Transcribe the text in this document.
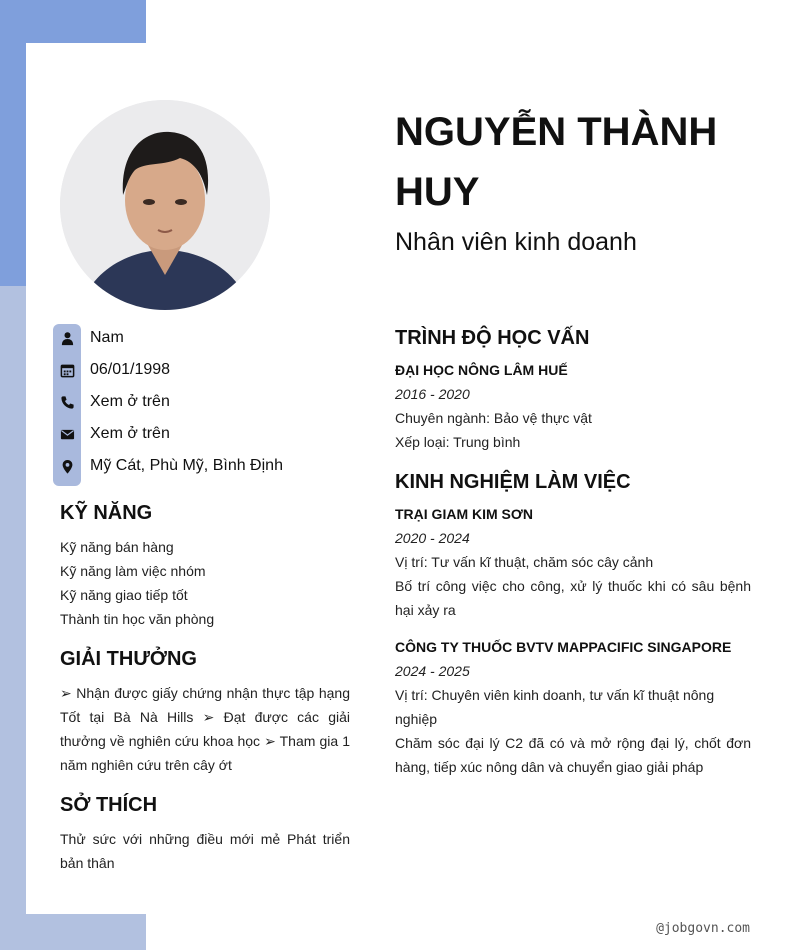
NGUYỄN THÀNH HUY
Nhân viên kinh doanh
Nam
06/01/1998
Xem ở trên
Xem ở trên
Mỹ Cát, Phù Mỹ, Bình Định
KỸ NĂNG
Kỹ năng bán hàng
Kỹ năng làm việc nhóm
Kỹ năng giao tiếp tốt
Thành tin học văn phòng
GIẢI THƯỞNG

➢ Nhận được giấy chứng nhận thực tập hạng Tốt tại Bà Nà Hills ➢ Đạt được các giải thưởng về nghiên cứu khoa học ➢ Tham gia 1 năm nghiên cứu trên cây ớt

SỞ THÍCH

Thử sức với những điều mới mẻ Phát triển bản thân

TRÌNH ĐỘ HỌC VẤN
ĐẠI HỌC NÔNG LÂM HUẾ
2016 - 2020
Chuyên ngành: Bảo vệ thực vật
Xếp loại: Trung bình
KINH NGHIỆM LÀM VIỆC
TRẠI GIAM KIM SƠN
2020 - 2024
Vị trí: Tư vấn kĩ thuật, chăm sóc cây cảnh
Bố trí công việc cho công, xử lý thuốc khi có sâu bệnh hại xảy ra
CÔNG TY THUỐC BVTV MAPPACIFIC SINGAPORE
2024 - 2025
Vị trí: Chuyên viên kinh doanh, tư vấn kĩ thuật nông nghiệp
Chăm sóc đại lý C2 đã có và mở rộng đại lý, chốt đơn hàng, tiếp xúc nông dân và chuyển giao giải pháp
@jobgovn.com
